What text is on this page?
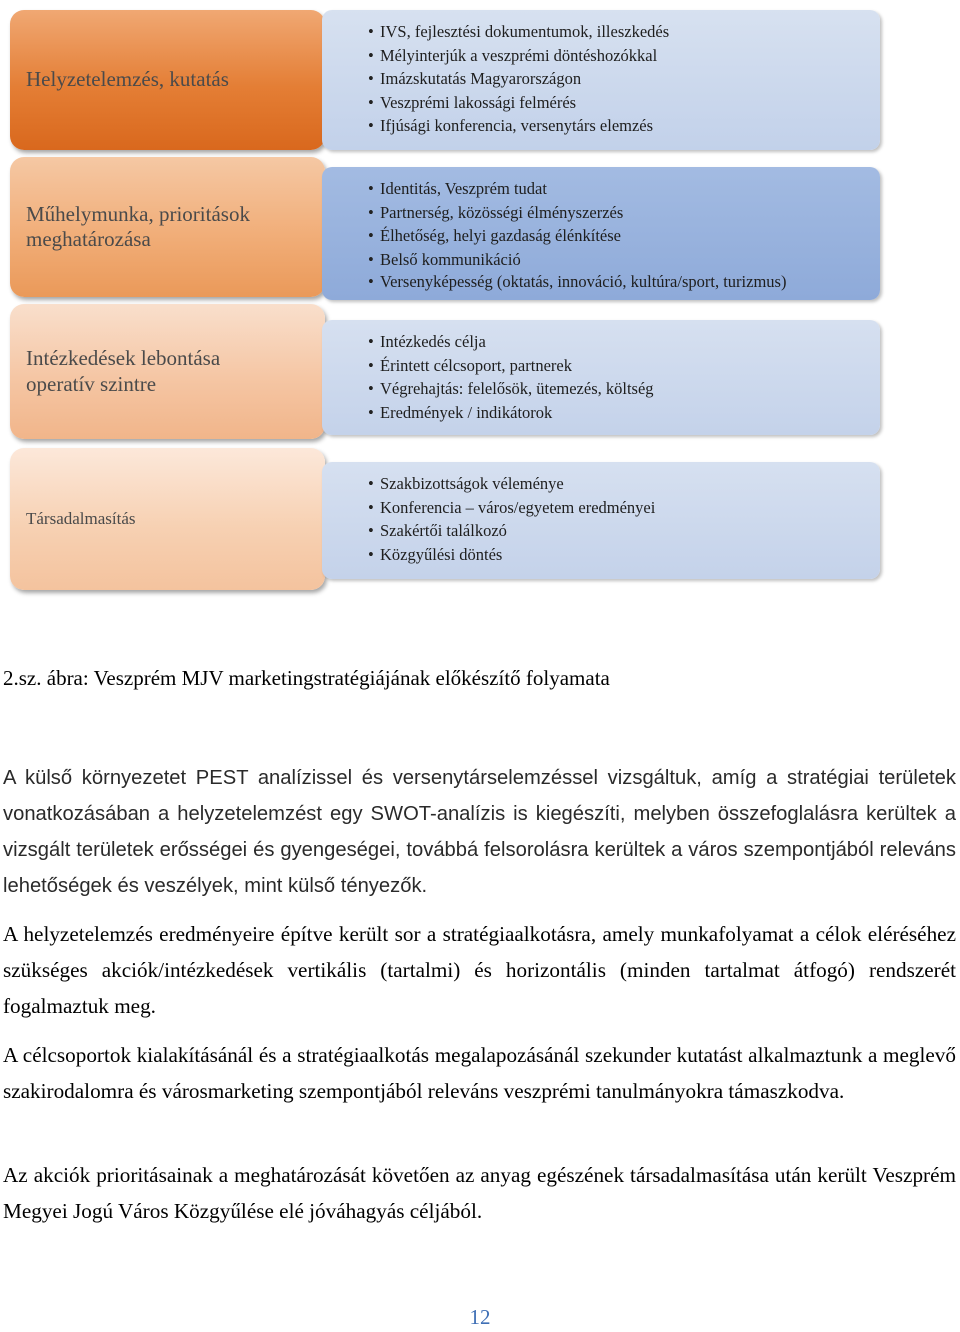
Helyzetelemzés, kutatás
• IVS, fejlesztési dokumentumok, illeszkedés
• Mélyinterjúk a veszprémi döntéshozókkal
• Imázskutatás Magyarországon
• Veszprémi lakossági felmérés
• Ifjúsági konferencia, versenytárs elemzés
Műhelymunka, prioritások
meghatározása
• Identitás, Veszprém tudat
• Partnerség, közösségi élményszerzés
• Élhetőség, helyi gazdaság élénkítése
• Belső kommunikáció
• Versenyképesség (oktatás, innováció, kultúra/sport, turizmus)
Intézkedések lebontása
operatív szintre
• Intézkedés célja
• Érintett célcsoport, partnerek
• Végrehajtás: felelősök, ütemezés, költség
• Eredmények / indikátorok
Társadalmasítás
• Szakbizottságok véleménye
• Konferencia – város/egyetem eredményei
• Szakértői találkozó
• Közgyűlési döntés
2.sz. ábra: Veszprém MJV marketingstratégiájának előkészítő folyamata

A külső környezetet PEST analízissel és versenytárselemzéssel vizsgáltuk, amíg a stratégiai területek vonatkozásában a helyzetelemzést egy SWOT-analízis is kiegészíti, melyben összefoglalásra kerültek a vizsgált területek erősségei és gyengeségei, továbbá felsorolásra kerültek a város szempontjából releváns lehetőségek és veszélyek, mint külső tényezők.

A helyzetelemzés eredményeire építve került sor a stratégiaalkotásra, amely munkafolyamat a célok eléréséhez szükséges akciók/intézkedések vertikális (tartalmi) és horizontális (minden tartalmat átfogó) rendszerét fogalmaztuk meg.

A célcsoportok kialakításánál és a stratégiaalkotás megalapozásánál szekunder kutatást alkalmaztunk a meglevő szakirodalomra és városmarketing szempontjából releváns veszprémi tanulmányokra támaszkodva.

Az akciók prioritásainak a meghatározását követően az anyag egészének társadalmasítása után került Veszprém Megyei Jogú Város Közgyűlése elé jóváhagyás céljából.

12
